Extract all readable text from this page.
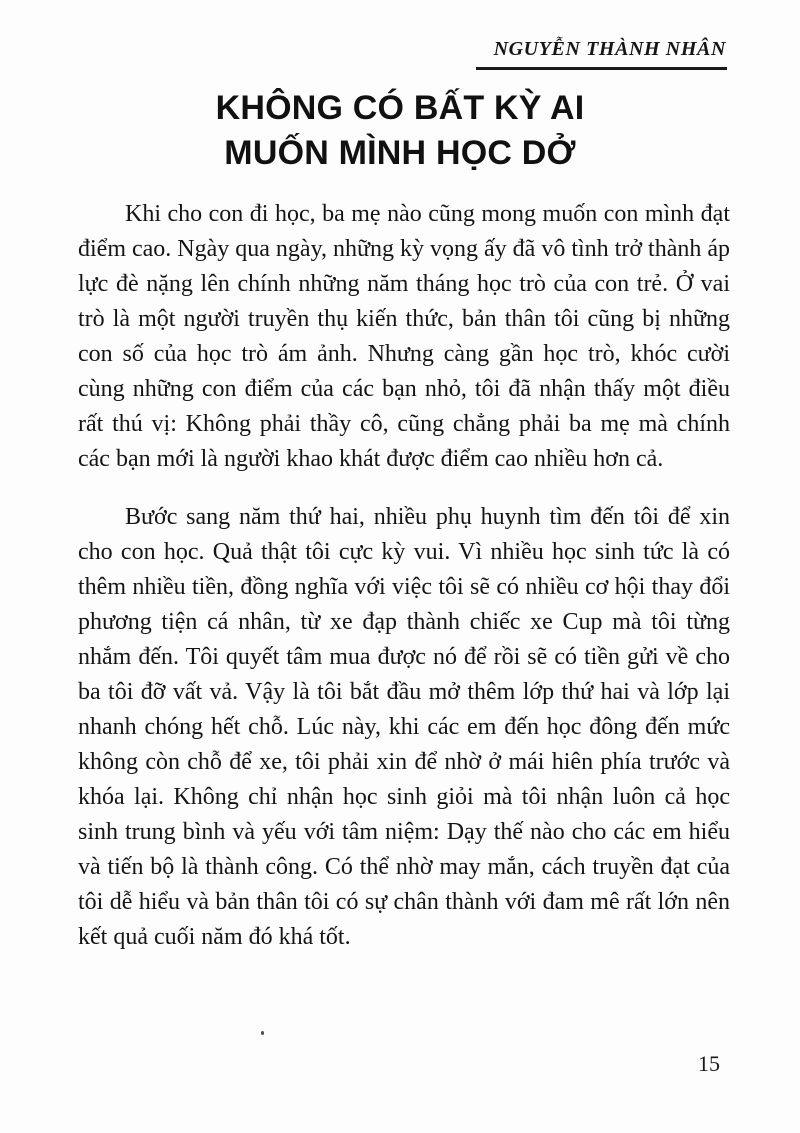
NGUYỄN THÀNH NHÂN
KHÔNG CÓ BẤT KỲ AI
MUỐN MÌNH HỌC DỞ

Khi cho con đi học, ba mẹ nào cũng mong muốn con mình đạt điểm cao. Ngày qua ngày, những kỳ vọng ấy đã vô tình trở thành áp lực đè nặng lên chính những năm tháng học trò của con trẻ. Ở vai trò là một người truyền thụ kiến thức, bản thân tôi cũng bị những con số của học trò ám ảnh. Nhưng càng gần học trò, khóc cười cùng những con điểm của các bạn nhỏ, tôi đã nhận thấy một điều rất thú vị: Không phải thầy cô, cũng chẳng phải ba mẹ mà chính các bạn mới là người khao khát được điểm cao nhiều hơn cả.

Bước sang năm thứ hai, nhiều phụ huynh tìm đến tôi để xin cho con học. Quả thật tôi cực kỳ vui. Vì nhiều học sinh tức là có thêm nhiều tiền, đồng nghĩa với việc tôi sẽ có nhiều cơ hội thay đổi phương tiện cá nhân, từ xe đạp thành chiếc xe Cup mà tôi từng nhắm đến. Tôi quyết tâm mua được nó để rồi sẽ có tiền gửi về cho ba tôi đỡ vất vả. Vậy là tôi bắt đầu mở thêm lớp thứ hai và lớp lại nhanh chóng hết chỗ. Lúc này, khi các em đến học đông đến mức không còn chỗ để xe, tôi phải xin để nhờ ở mái hiên phía trước và khóa lại. Không chỉ nhận học sinh giỏi mà tôi nhận luôn cả học sinh trung bình và yếu với tâm niệm: Dạy thế nào cho các em hiểu và tiến bộ là thành công. Có thể nhờ may mắn, cách truyền đạt của tôi dễ hiểu và bản thân tôi có sự chân thành với đam mê rất lớn nên kết quả cuối năm đó khá tốt.

15
